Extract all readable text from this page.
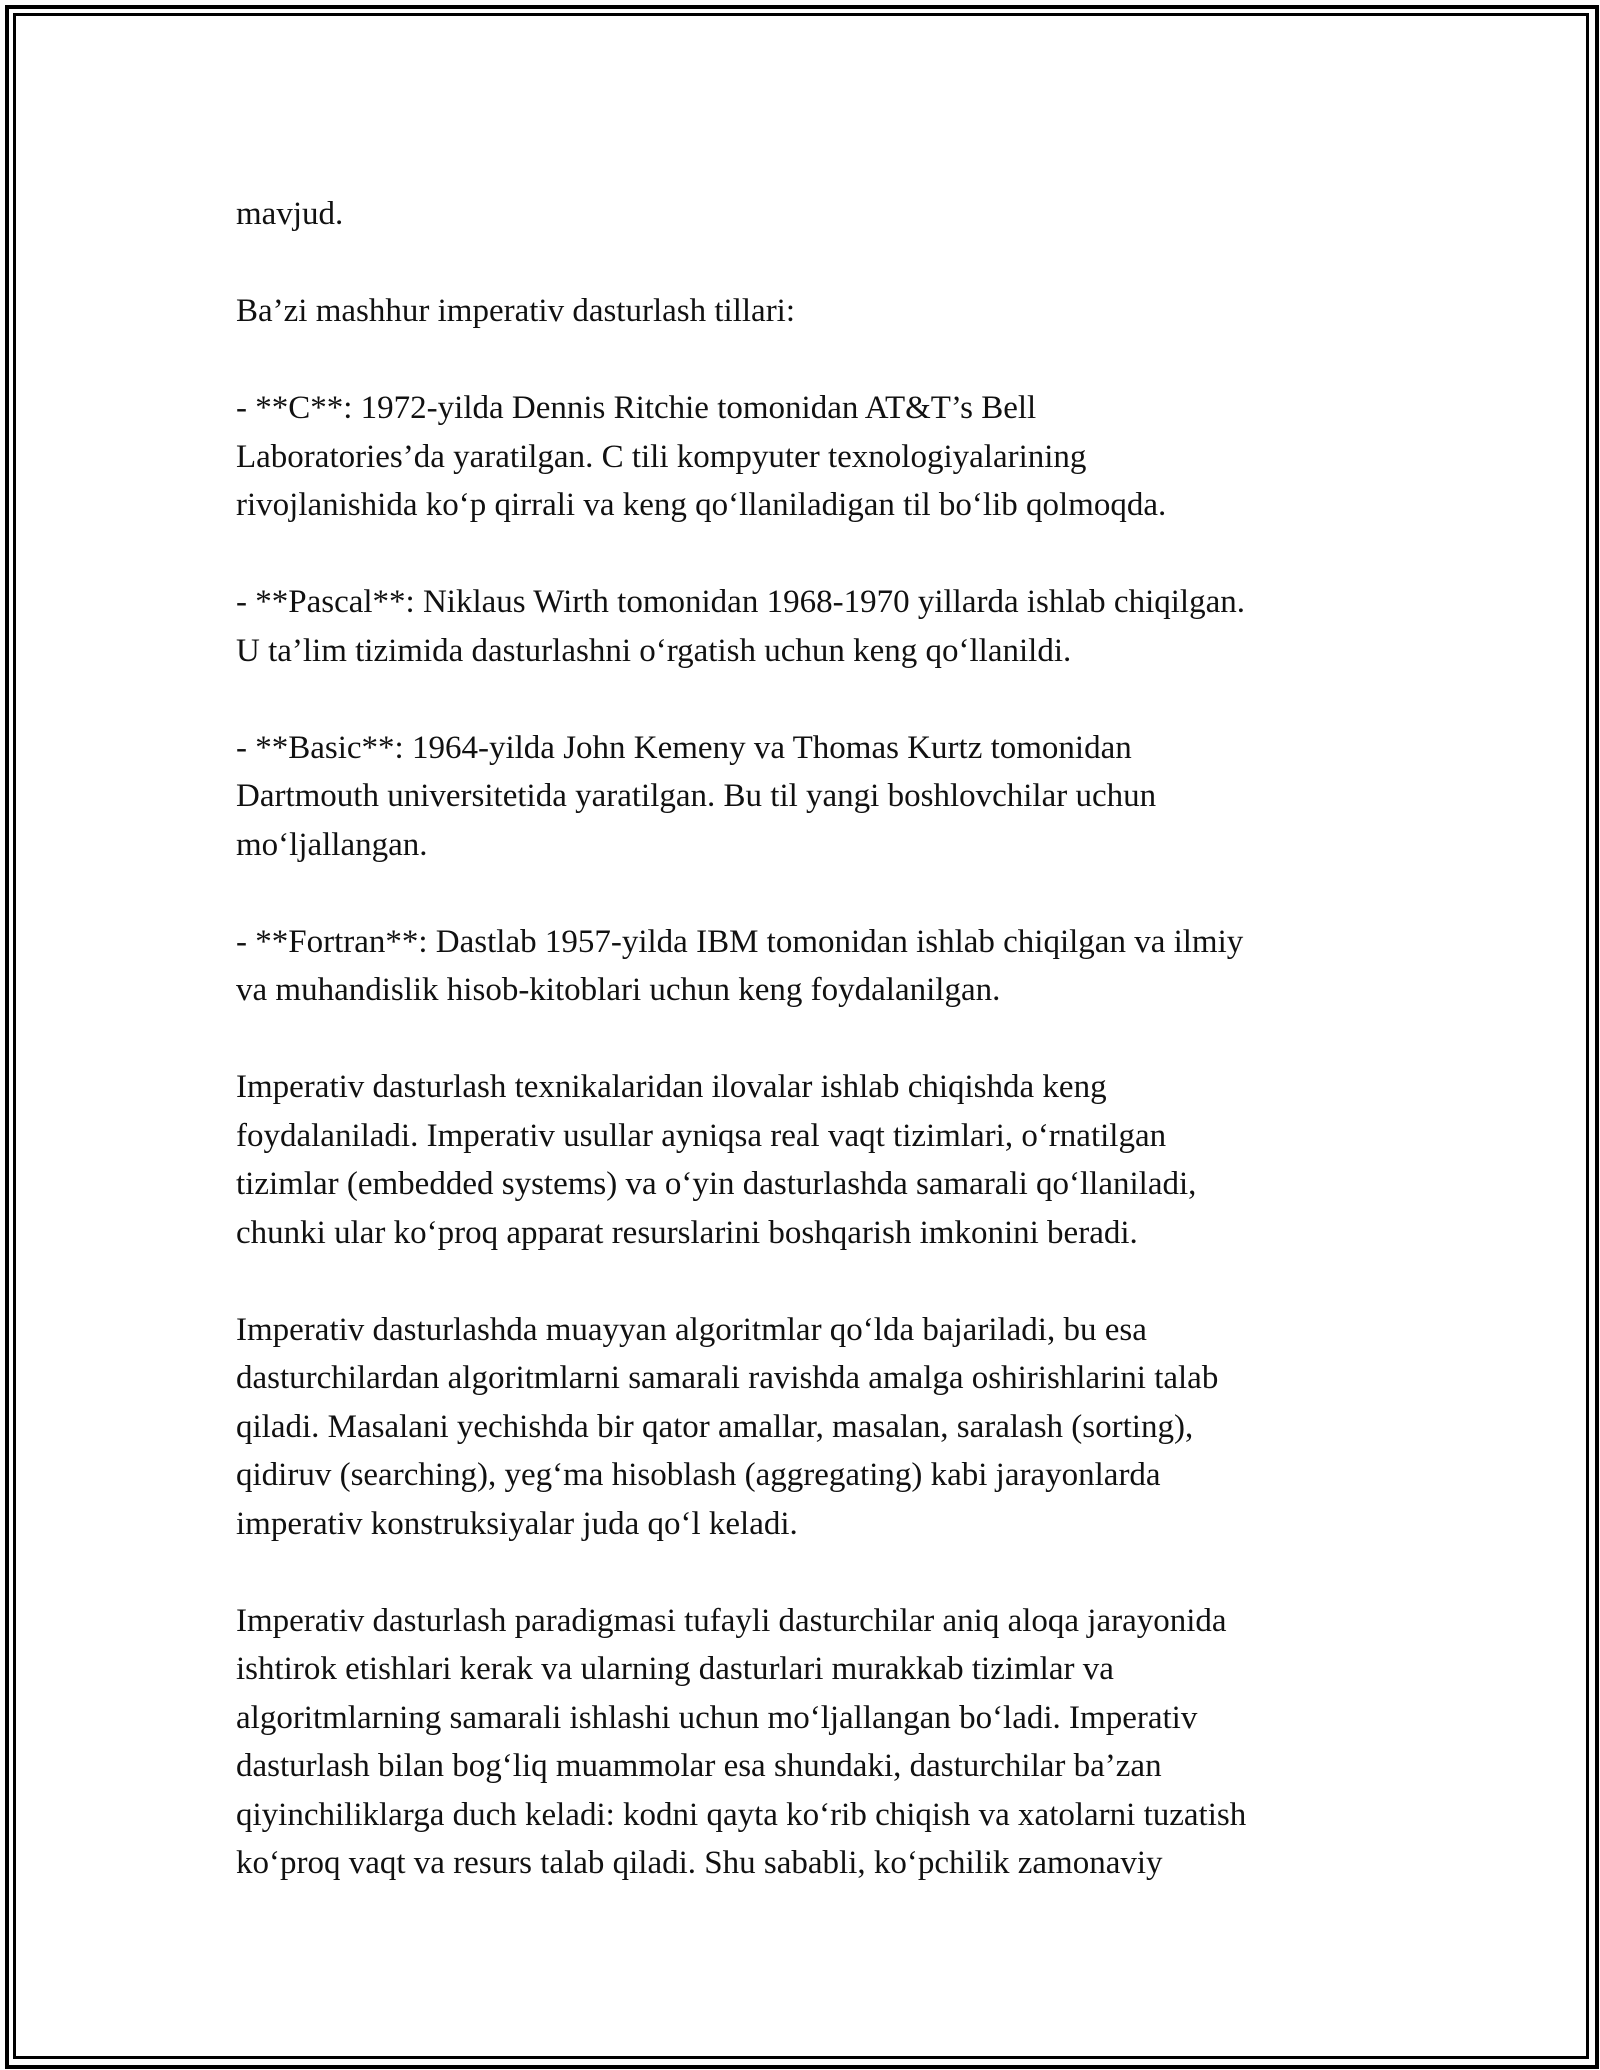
mavjud.

Ba’zi mashhur imperativ dasturlash tillari:

- **C**: 1972-yilda Dennis Ritchie tomonidan AT&T’s Bell
Laboratories’da yaratilgan. C tili kompyuter texnologiyalarining
rivojlanishida ko‘p qirrali va keng qo‘llaniladigan til bo‘lib qolmoqda.

- **Pascal**: Niklaus Wirth tomonidan 1968-1970 yillarda ishlab chiqilgan.
U ta’lim tizimida dasturlashni o‘rgatish uchun keng qo‘llanildi.

- **Basic**: 1964-yilda John Kemeny va Thomas Kurtz tomonidan
Dartmouth universitetida yaratilgan. Bu til yangi boshlovchilar uchun
mo‘ljallangan.

- **Fortran**: Dastlab 1957-yilda IBM tomonidan ishlab chiqilgan va ilmiy
va muhandislik hisob-kitoblari uchun keng foydalanilgan.

Imperativ dasturlash texnikalaridan ilovalar ishlab chiqishda keng
foydalaniladi. Imperativ usullar ayniqsa real vaqt tizimlari, o‘rnatilgan
tizimlar (embedded systems) va o‘yin dasturlashda samarali qo‘llaniladi,
chunki ular ko‘proq apparat resurslarini boshqarish imkonini beradi.

Imperativ dasturlashda muayyan algoritmlar qo‘lda bajariladi, bu esa
dasturchilardan algoritmlarni samarali ravishda amalga oshirishlarini talab
qiladi. Masalani yechishda bir qator amallar, masalan, saralash (sorting),
qidiruv (searching), yeg‘ma hisoblash (aggregating) kabi jarayonlarda
imperativ konstruksiyalar juda qo‘l keladi.

Imperativ dasturlash paradigmasi tufayli dasturchilar aniq aloqa jarayonida
ishtirok etishlari kerak va ularning dasturlari murakkab tizimlar va
algoritmlarning samarali ishlashi uchun mo‘ljallangan bo‘ladi. Imperativ
dasturlash bilan bog‘liq muammolar esa shundaki, dasturchilar ba’zan
qiyinchiliklarga duch keladi: kodni qayta ko‘rib chiqish va xatolarni tuzatish
ko‘proq vaqt va resurs talab qiladi. Shu sababli, ko‘pchilik zamonaviy
